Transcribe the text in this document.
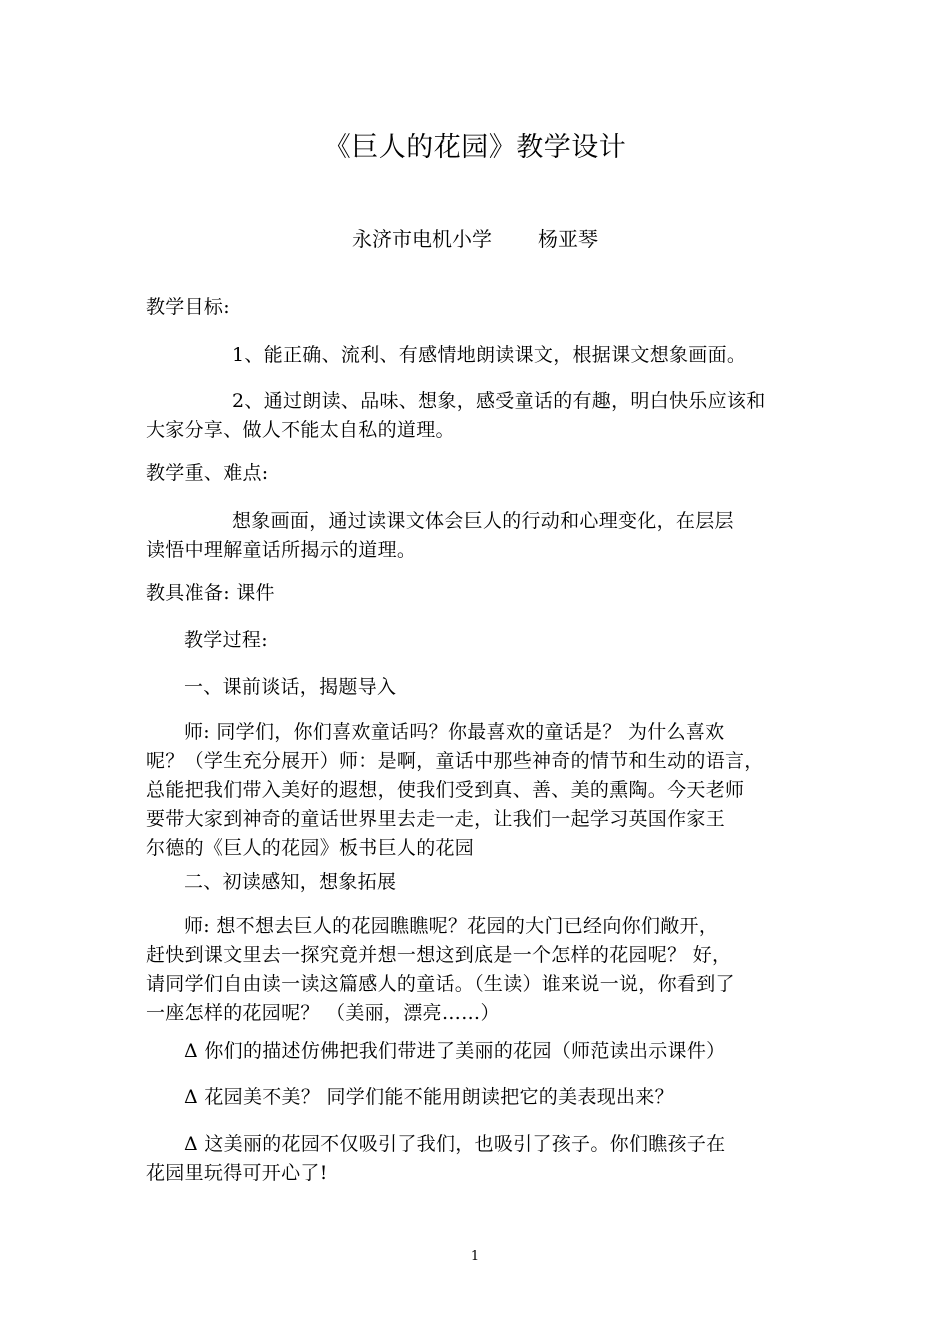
《巨人的花园》教学设计
永济市电机小学 杨亚琴
教学目标:
1、能正确、流利、有感情地朗读课文，根据课文想象画面。
2、通过朗读、品味、想象，感受童话的有趣，明白快乐应该和
大家分享、做人不能太自私的道理。
教学重、难点:
想象画面，通过读课文体会巨人的行动和心理变化，在层层
读悟中理解童话所揭示的道理。
教具准备: 课件
教学过程:
一、课前谈话，揭题导入
师: 同学们，你们喜欢童话吗？你最喜欢的童话是？ 为什么喜欢
呢？（学生充分展开）师：是啊，童话中那些神奇的情节和生动的语言，
总能把我们带入美好的遐想，使我们受到真、善、美的熏陶。今天老师
要带大家到神奇的童话世界里去走一走，让我们一起学习英国作家王
尔德的《巨人的花园》板书巨人的花园
二、初读感知，想象拓展
师: 想不想去巨人的花园瞧瞧呢？花园的大门已经向你们敞开，
赶快到课文里去一探究竟并想一想这到底是一个怎样的花园呢？ 好，
请同学们自由读一读这篇感人的童话。（生读）谁来说一说，你看到了
一座怎样的花园呢？ （美丽，漂亮……）
Δ 你们的描述仿佛把我们带进了美丽的花园（师范读出示课件）
Δ 花园美不美？ 同学们能不能用朗读把它的美表现出来？
Δ 这美丽的花园不仅吸引了我们，也吸引了孩子。你们瞧孩子在
花园里玩得可开心了!
1
